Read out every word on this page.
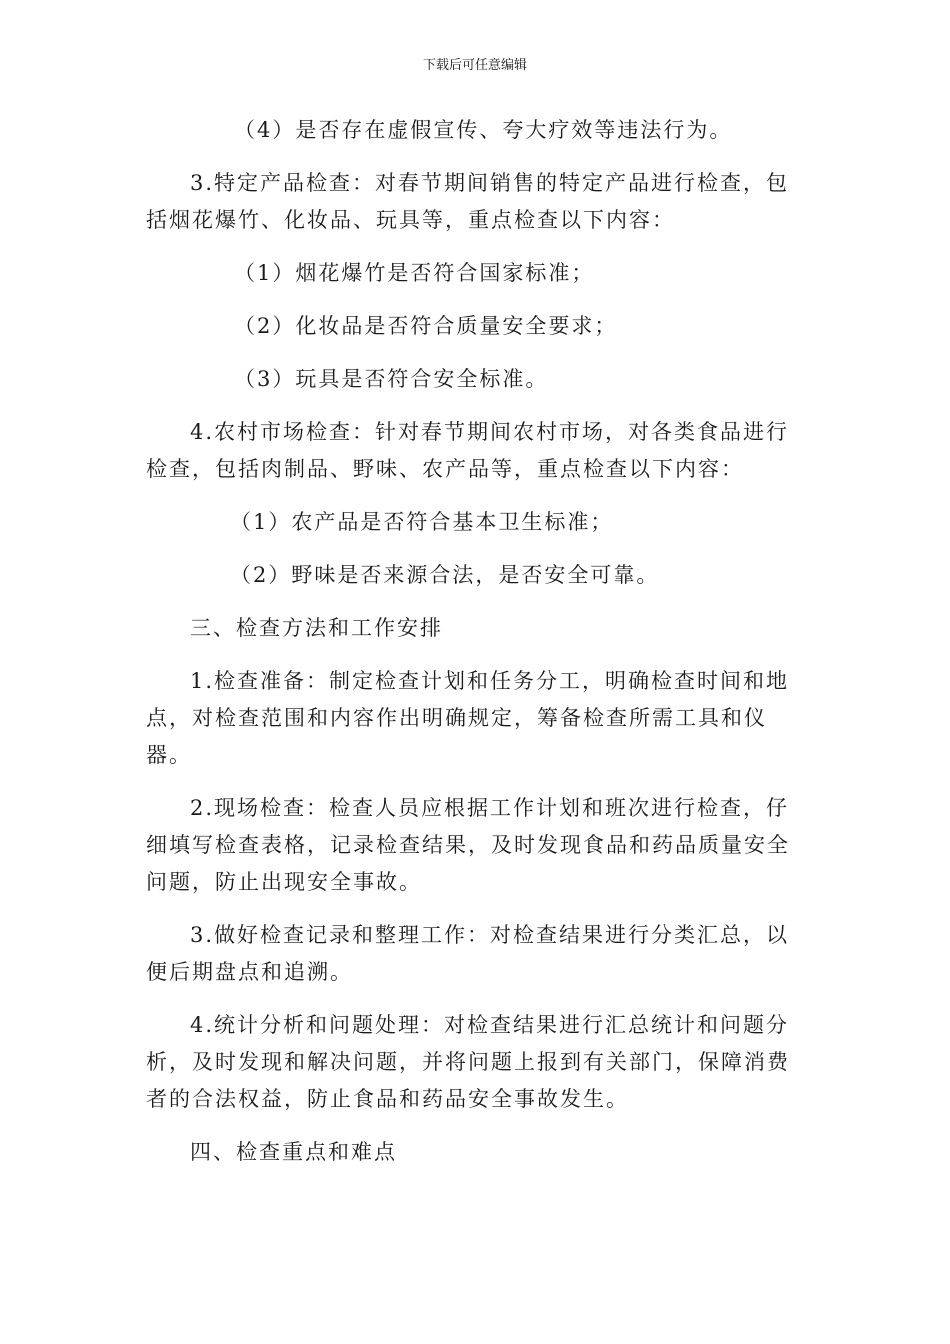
下载后可任意编辑

（4）是否存在虚假宣传、夸大疗效等违法行为。

3.特定产品检查：对春节期间销售的特定产品进行检查，包括烟花爆竹、化妆品、玩具等，重点检查以下内容：

（1）烟花爆竹是否符合国家标准；

（2）化妆品是否符合质量安全要求；

（3）玩具是否符合安全标准。

4.农村市场检查：针对春节期间农村市场，对各类食品进行检查，包括肉制品、野味、农产品等，重点检查以下内容：

（1）农产品是否符合基本卫生标准；

（2）野味是否来源合法，是否安全可靠。

三、检查方法和工作安排

1.检查准备：制定检查计划和任务分工，明确检查时间和地点，对检查范围和内容作出明确规定，筹备检查所需工具和仪器。

2.现场检查：检查人员应根据工作计划和班次进行检查，仔细填写检查表格，记录检查结果，及时发现食品和药品质量安全问题，防止出现安全事故。

3.做好检查记录和整理工作：对检查结果进行分类汇总，以便后期盘点和追溯。

4.统计分析和问题处理：对检查结果进行汇总统计和问题分析，及时发现和解决问题，并将问题上报到有关部门，保障消费者的合法权益，防止食品和药品安全事故发生。

四、检查重点和难点
